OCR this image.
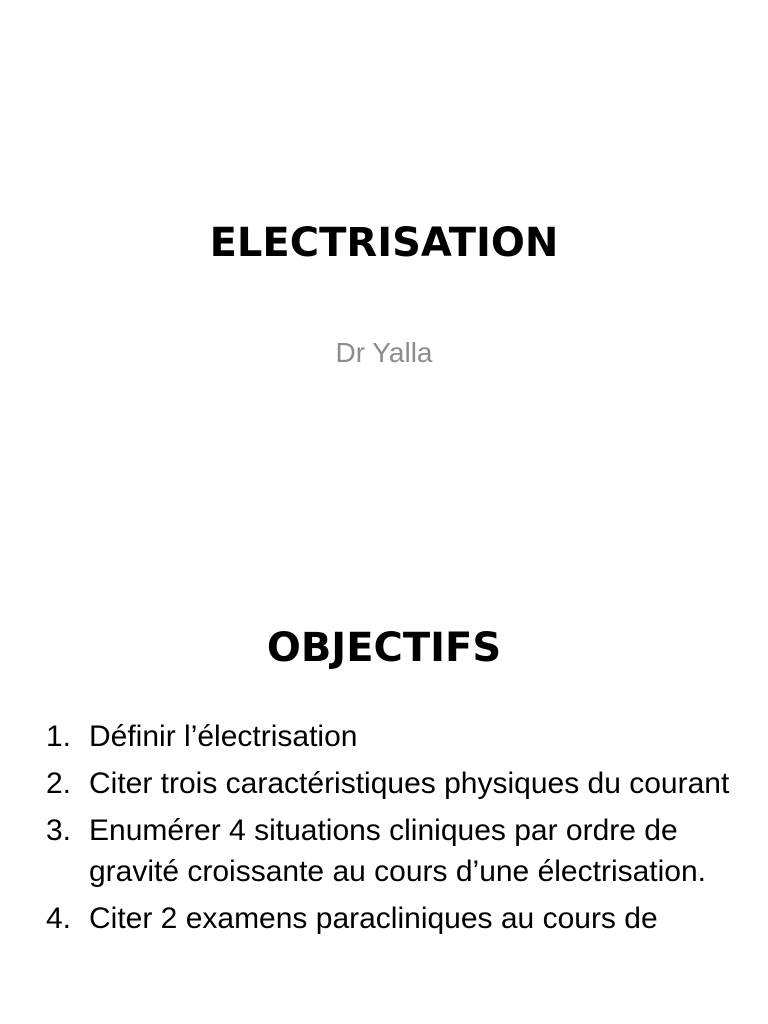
ELECTRISATION

Dr Yalla

OBJECTIFS
1. Définir l’électrisation
2. Citer trois caractéristiques physiques du courant
3. Enumérer 4 situations cliniques par ordre de gravité croissante au cours d’une électrisation.
4. Citer 2 examens paracliniques au cours de
